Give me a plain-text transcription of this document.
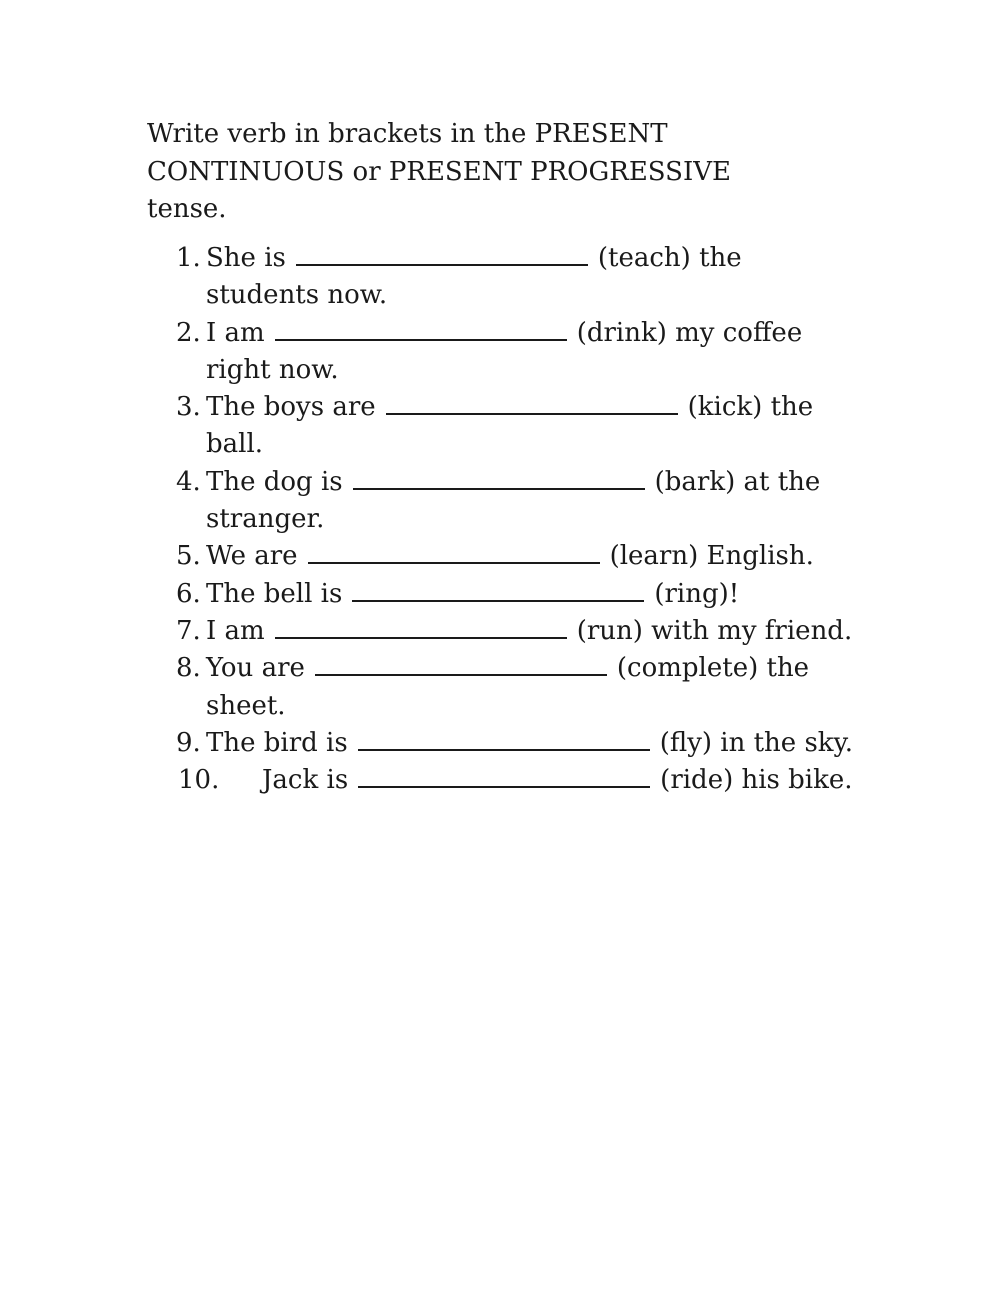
Write verb in brackets in the PRESENT CONTINUOUS or PRESENT PROGRESSIVE tense.

1. She is	(teach) the students now.
2. I am	(drink) my coffee right now.
3. The boys are	(kick) the ball.
4. The dog is	(bark) at the stranger.
5. We are	(learn) English.
6. The bell is	(ring)!
7. I am	(run) with my friend.
8. You are	(complete) the sheet.
9. The bird is	(fly) in the sky.
10. Jack is	(ride) his bike.
